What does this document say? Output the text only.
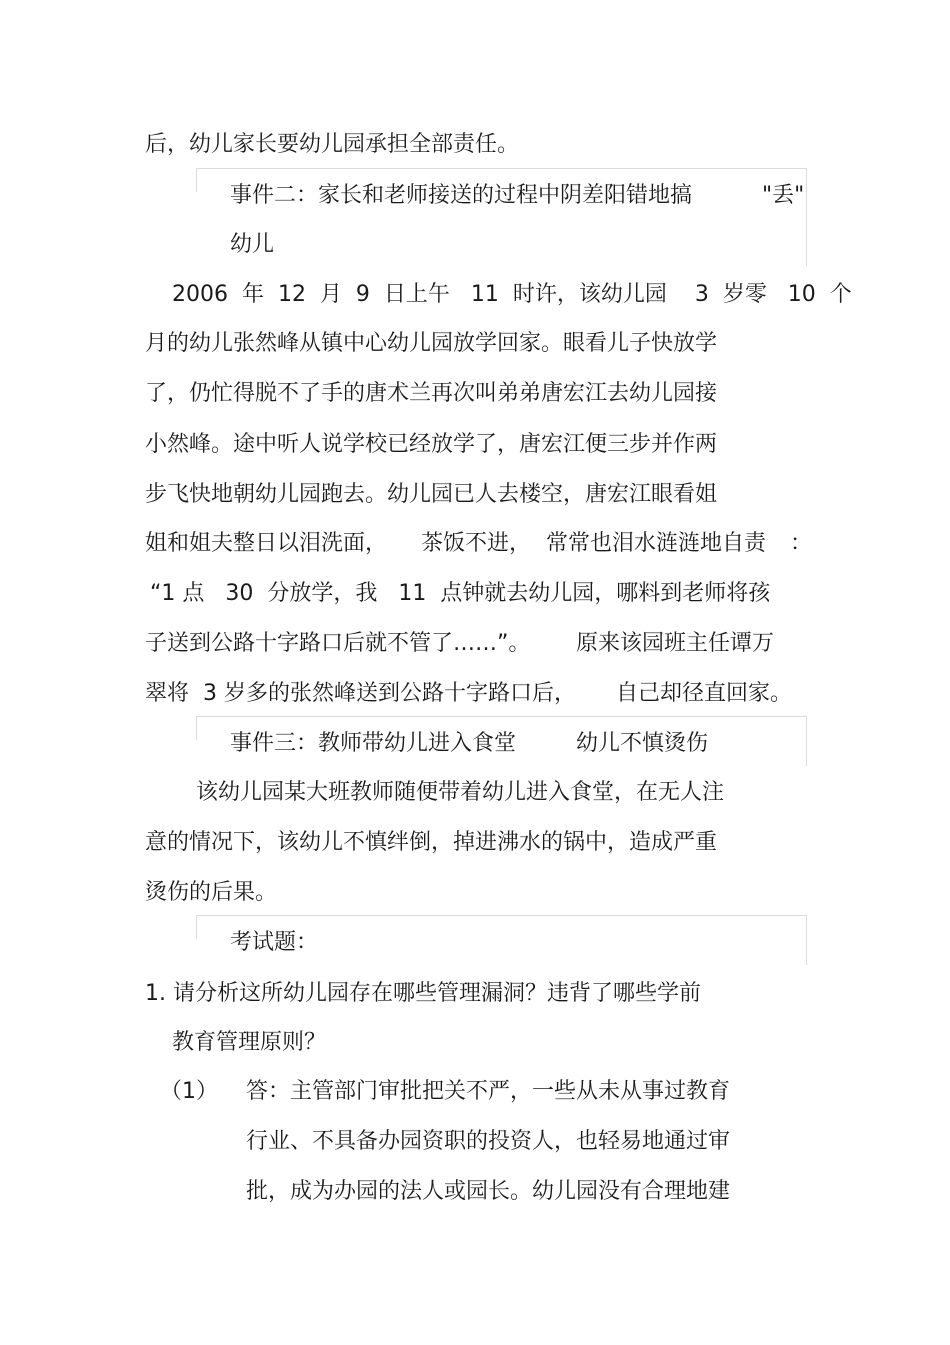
后，幼儿家长要幼儿园承担全部责任。

事件二：家长和老师接送的过程中阴差阳错地搞	"丢"

幼儿

2006  年  12  月  9  日上午   11  时许，该幼儿园    3  岁零   10  个

月的幼儿张然峰从镇中心幼儿园放学回家。眼看儿子快放学

了，仍忙得脱不了手的唐术兰再次叫弟弟唐宏江去幼儿园接

小然峰。途中听人说学校已经放学了，唐宏江便三步并作两

步飞快地朝幼儿园跑去。幼儿园已人去楼空，唐宏江眼看姐

姐和姐夫整日以泪洗面， 茶饭不进， 常常也泪水涟涟地自责 ：

“1 点   30  分放学，我   11  点钟就去幼儿园，哪料到老师将孩

子送到公路十字路口后就不管了……”。 原来该园班主任谭万

翠将  3 岁多的张然峰送到公路十字路口后， 自己却径直回家。

事件三：教师带幼儿进入食堂	幼儿不慎烫伤

该幼儿园某大班教师随便带着幼儿进入食堂，在无人注

意的情况下，该幼儿不慎绊倒，掉进沸水的锅中，造成严重

烫伤的后果。

考试题：

1. 请分析这所幼儿园存在哪些管理漏洞？违背了哪些学前

教育管理原则？

（1） 答：主管部门审批把关不严，一些从未从事过教育

行业、不具备办园资职的投资人，也轻易地通过审

批，成为办园的法人或园长。幼儿园没有合理地建
